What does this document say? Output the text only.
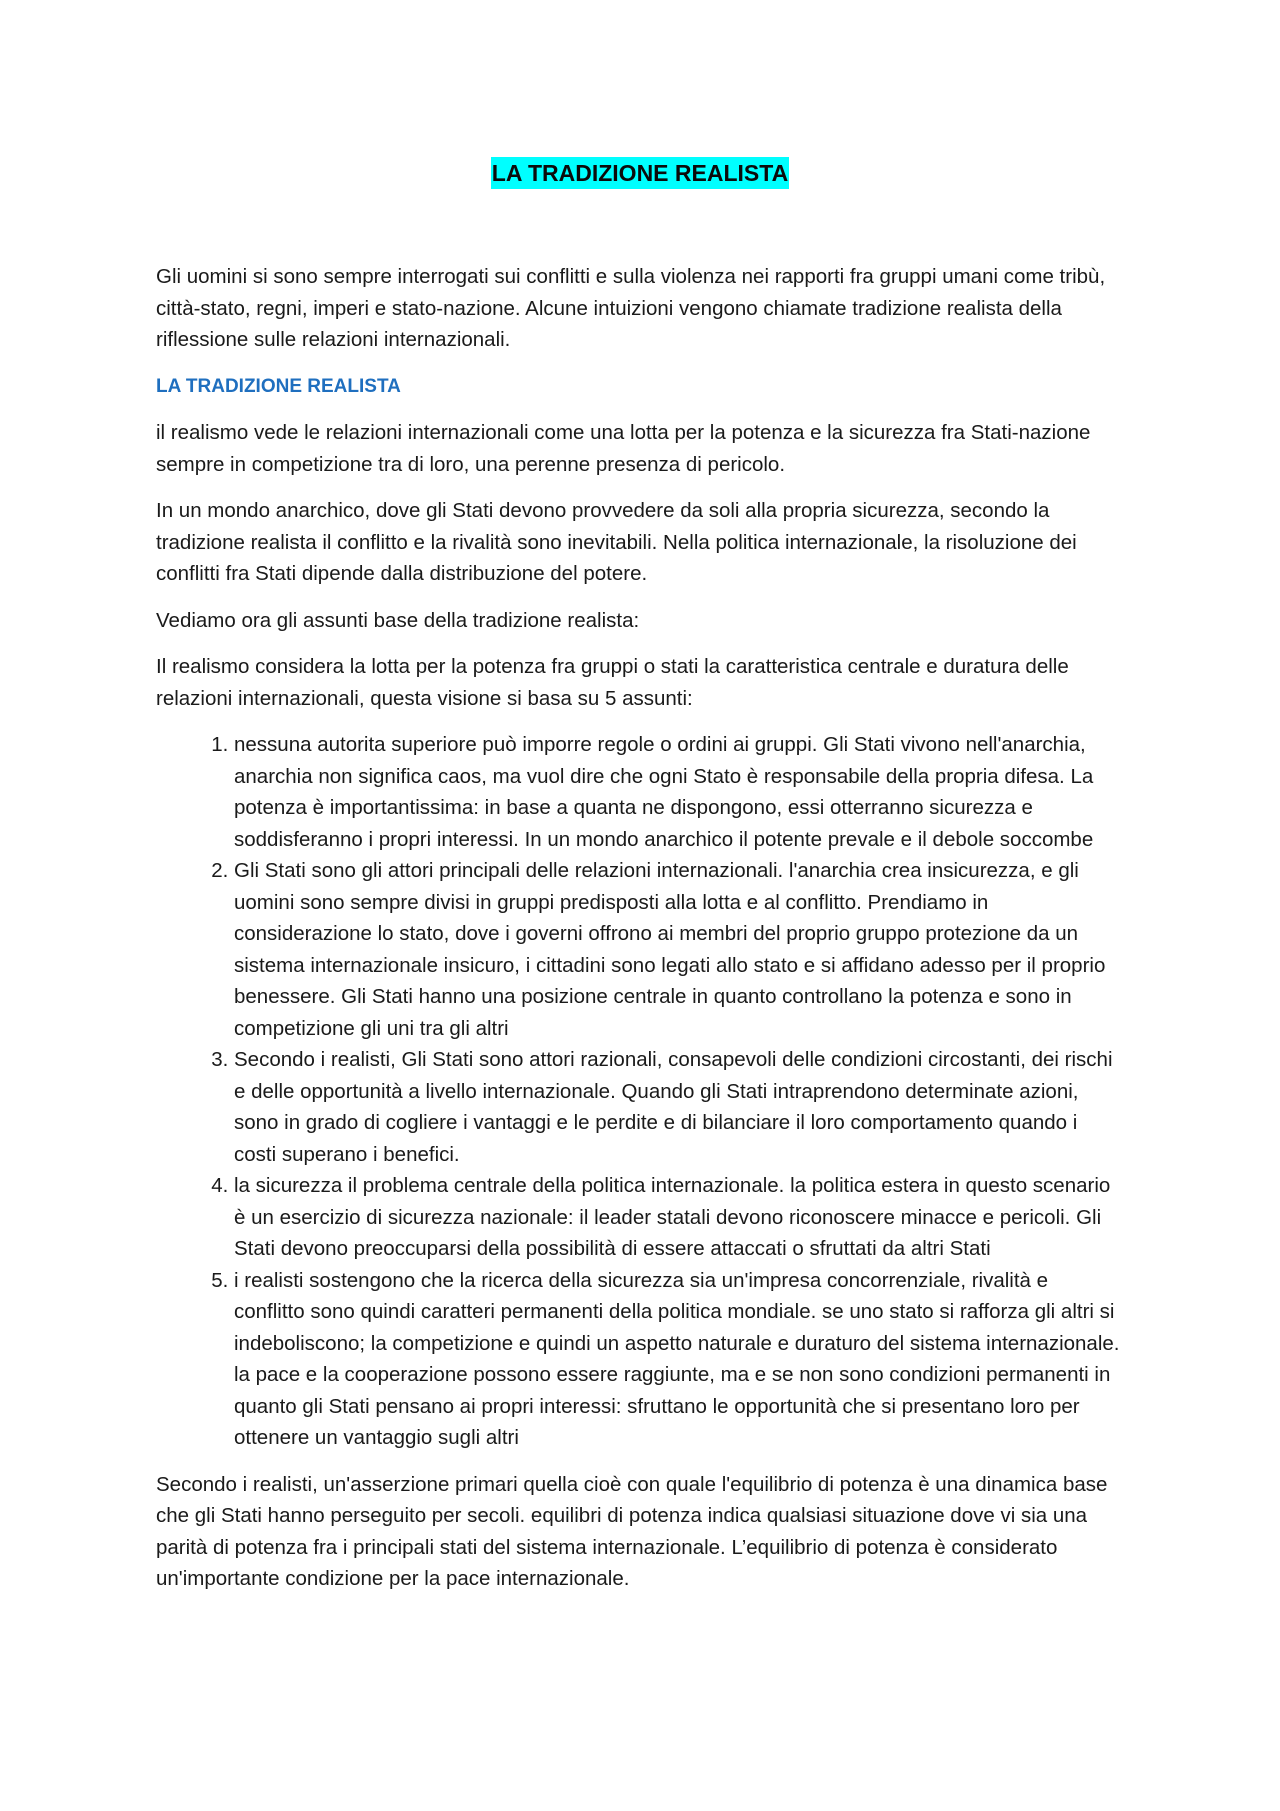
LA TRADIZIONE REALISTA

Gli uomini si sono sempre interrogati sui conflitti e sulla violenza nei rapporti fra gruppi umani come tribù, città-stato, regni, imperi e stato-nazione. Alcune intuizioni vengono chiamate tradizione realista della riflessione sulle relazioni internazionali.

LA TRADIZIONE REALISTA

il realismo vede le relazioni internazionali come una lotta per la potenza e la sicurezza fra Stati-nazione sempre in competizione tra di loro, una perenne presenza di pericolo.

In un mondo anarchico, dove gli Stati devono provvedere da soli alla propria sicurezza, secondo la tradizione realista il conflitto e la rivalità sono inevitabili. Nella politica internazionale, la risoluzione dei conflitti fra Stati dipende dalla distribuzione del potere.

Vediamo ora gli assunti base della tradizione realista:

Il realismo considera la lotta per la potenza fra gruppi o stati la caratteristica centrale e duratura delle relazioni internazionali, questa visione si basa su 5 assunti:

1. nessuna autorita superiore può imporre regole o ordini ai gruppi. Gli Stati vivono nell'anarchia, anarchia non significa caos, ma vuol dire che ogni Stato è responsabile della propria difesa. La potenza è importantissima: in base a quanta ne dispongono, essi otterranno sicurezza e soddisferanno i propri interessi. In un mondo anarchico il potente prevale e il debole soccombe
2. Gli Stati sono gli attori principali delle relazioni internazionali. l'anarchia crea insicurezza, e gli uomini sono sempre divisi in gruppi predisposti alla lotta e al conflitto. Prendiamo in considerazione lo stato, dove i governi offrono ai membri del proprio gruppo protezione da un sistema internazionale insicuro, i cittadini sono legati allo stato e si affidano adesso per il proprio benessere. Gli Stati hanno una posizione centrale in quanto controllano la potenza e sono in competizione gli uni tra gli altri
3. Secondo i realisti, Gli Stati sono attori razionali, consapevoli delle condizioni circostanti, dei rischi e delle opportunità a livello internazionale. Quando gli Stati intraprendono determinate azioni, sono in grado di cogliere i vantaggi e le perdite e di bilanciare il loro comportamento quando i costi superano i benefici.
4. la sicurezza il problema centrale della politica internazionale. la politica estera in questo scenario è un esercizio di sicurezza nazionale: il leader statali devono riconoscere minacce e pericoli. Gli Stati devono preoccuparsi della possibilità di essere attaccati o sfruttati da altri Stati
5. i realisti sostengono che la ricerca della sicurezza sia un'impresa concorrenziale, rivalità e conflitto sono quindi caratteri permanenti della politica mondiale. se uno stato si rafforza gli altri si indeboliscono; la competizione e quindi un aspetto naturale e duraturo del sistema internazionale. la pace e la cooperazione possono essere raggiunte, ma e se non sono condizioni permanenti in quanto gli Stati pensano ai propri interessi: sfruttano le opportunità che si presentano loro per ottenere un vantaggio sugli altri

Secondo i realisti, un'asserzione primari quella cioè con quale l'equilibrio di potenza è una dinamica base che gli Stati hanno perseguito per secoli. equilibri di potenza indica qualsiasi situazione dove vi sia una parità di potenza fra i principali stati del sistema internazionale. L’equilibrio di potenza è considerato un'importante condizione per la pace internazionale.
